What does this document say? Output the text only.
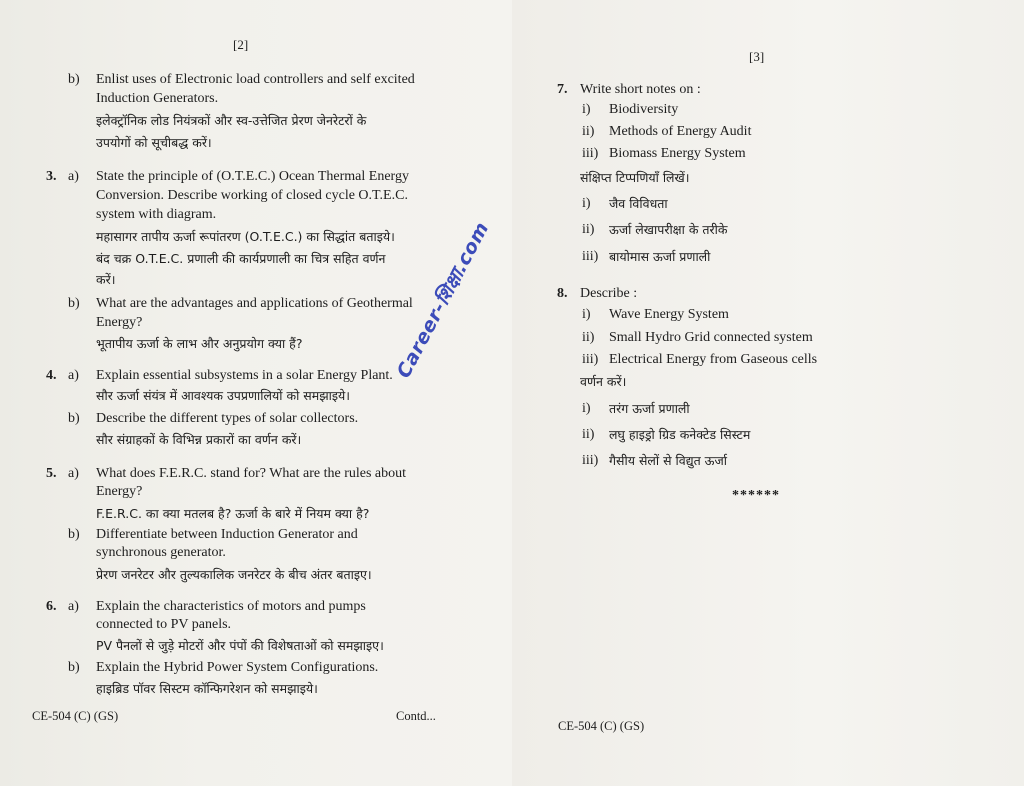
[2]
b) Enlist uses of Electronic load controllers and self excited
Induction Generators.
इलेक्ट्रॉनिक लोड नियंत्रकों और स्व-उत्तेजित प्रेरण जेनरेटरों के
उपयोगों को सूचीबद्ध करें।
3. a) State the principle of (O.T.E.C.) Ocean Thermal Energy
Conversion. Describe working of closed cycle O.T.E.C.
system with diagram.
महासागर तापीय ऊर्जा रूपांतरण (O.T.E.C.) का सिद्धांत बताइये।
बंद चक्र O.T.E.C. प्रणाली की कार्यप्रणाली का चित्र सहित वर्णन
करें।
b) What are the advantages and applications of Geothermal
Energy?
भूतापीय ऊर्जा के लाभ और अनुप्रयोग क्या हैं?
4. a) Explain essential subsystems in a solar Energy Plant.
सौर ऊर्जा संयंत्र में आवश्यक उपप्रणालियों को समझाइये।
b) Describe the different types of solar collectors.
सौर संग्राहकों के विभिन्न प्रकारों का वर्णन करें।
5. a) What does F.E.R.C. stand for? What are the rules about
Energy?
F.E.R.C. का क्या मतलब है? ऊर्जा के बारे में नियम क्या है?
b) Differentiate between Induction Generator and
synchronous generator.
प्रेरण जनरेटर और तुल्यकालिक जनरेटर के बीच अंतर बताइए।
6. a) Explain the characteristics of motors and pumps
connected to PV panels.
PV पैनलों से जुड़े मोटरों और पंपों की विशेषताओं को समझाइए।
b) Explain the Hybrid Power System Configurations.
हाइब्रिड पॉवर सिस्टम कॉन्फिगरेशन को समझाइये।
CE-504 (C) (GS)	Contd...
[3]
7. Write short notes on :
i) Biodiversity
ii) Methods of Energy Audit
iii) Biomass Energy System
संक्षिप्त टिप्पणियाँ लिखें।
i) जैव विविधता
ii) ऊर्जा लेखापरीक्षा के तरीके
iii) बायोमास ऊर्जा प्रणाली
8. Describe :
i) Wave Energy System
ii) Small Hydro Grid connected system
iii) Electrical Energy from Gaseous cells
वर्णन करें।
i) तरंग ऊर्जा प्रणाली
ii) लघु हाइड्रो ग्रिड कनेक्टेड सिस्टम
iii) गैसीय सेलों से विद्युत ऊर्जा
******
CE-504 (C) (GS)
Career-शिक्षा.com
